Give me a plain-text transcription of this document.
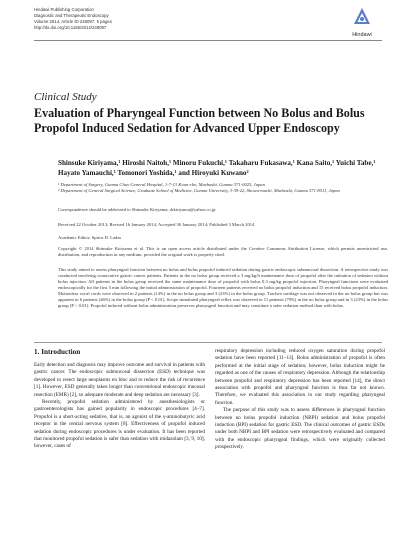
Hindawi Publishing Corporation
Diagnostic and Therapeutic Endoscopy
Volume 2014, Article ID 248097, 5 pages
http://dx.doi.org/10.1155/2014/248097
Hindawi
Clinical Study
Evaluation of Pharyngeal Function between No Bolus and Bolus Propofol Induced Sedation for Advanced Upper Endoscopy

Shinsuke Kiriyama,¹ Hiroshi Naitoh,¹ Minoru Fukuchi,¹ Takaharu Fukasawa,¹ Kana Saito,¹ Yuichi Tabe,¹ Hayato Yamauchi,¹ Tomonori Yoshida,¹ and Hiroyuki Kuwano²

¹ Department of Surgery, Gunma Chuo General Hospital, 1-7-13 Koun-cho, Maebashi, Gunma 371-0025, Japan
² Department of General Surgical Science, Graduate School of Medicine, Gunma University, 3-39-22, Showa-machi, Maebashi, Gunma 371-8511, Japan
Correspondence should be addressed to Shinsuke Kiriyama; drkiriyama@yahoo.co.jp
Received 22 October 2013; Revised 16 January 2014; Accepted 30 January 2014; Published 3 March 2014
Academic Editor: Spiros D. Ladas
Copyright © 2014 Shinsuke Kiriyama et al. This is an open access article distributed under the Creative Commons Attribution License, which permits unrestricted use, distribution, and reproduction in any medium, provided the original work is properly cited.
This study aimed to assess pharyngeal function between no bolus and bolus propofol induced sedation during gastric endoscopic submucosal dissection. A retrospective study was conducted involving consecutive gastric cancer patients. Patients in the no bolus group received a 3 mg/kg/h maintenance dose of propofol after the initiation of sedation without bolus injection. All patients in the bolus group received the same maintenance dose of propofol with bolus 0.3 mg/kg propofol injection. Pharyngeal functions were evaluated endoscopically for the first 5 min following the initial administration of propofol. Fourteen patients received no bolus propofol induction and 15 received bolus propofol induction. Motionless vocal cords were observed in 2 patients (14%) in the no bolus group and 3 (23%) in the bolus group. Trachea cartilage was not observed in the no bolus group but was apparent in 6 patients (46%) in the bolus group (P < 0.01). Scope stimulated pharyngeal reflex was observed in 11 patients (79%) in the no bolus group and in 3 (23%) in the bolus group (P < 0.01). Propofol induced without bolus administration preserves pharyngeal function and may constitute a safer sedation method than with bolus.
1. Introduction

Early detection and diagnosis may improve outcome and survival in patients with gastric cancer. The endoscopic submucosal dissection (ESD) technique was developed to resect large neoplasms en bloc and to reduce the risk of recurrence [1]. However, ESD generally takes longer than conventional endoscopic mucosal resection (EMR) [2], so adequate moderate and deep sedation are necessary [3].

Recently, propofol sedation administered by anesthesiologists or gastroenterologists has gained popularity in endoscopic procedures [4–7]. Propofol is a short-acting sedative, that is, an agonist of the γ-aminobutyric acid receptor in the central nervous system [8]. Effectiveness of propofol induced sedation during endoscopic procedures is under evaluation. It has been reported that monitored propofol sedation is safer than sedation with midazolam [3, 9, 10]; however, cases of

respiratory depression including reduced oxygen saturation during propofol sedation have been reported [11–13]. Bolus administration of propofol is often performed at the initial stage of sedation; however, bolus induction might be regarded as one of the causes of respiratory depression. Although the relationship between propofol and respiratory depression has been reported [14], the direct association with propofol and pharyngeal function is thus far not known. Therefore, we evaluated this association in our study regarding pharyngeal function.

The purpose of this study was to assess differences in pharyngeal function between no bolus propofol induction (NBPI) sedation and bolus propofol induction (BPI) sedation for gastric ESD. The clinical outcomes of gastric ESDs under both NBPI and BPI sedation were retrospectively evaluated and compared with the endoscopic pharyngeal findings, which were originally collected prospectively.
